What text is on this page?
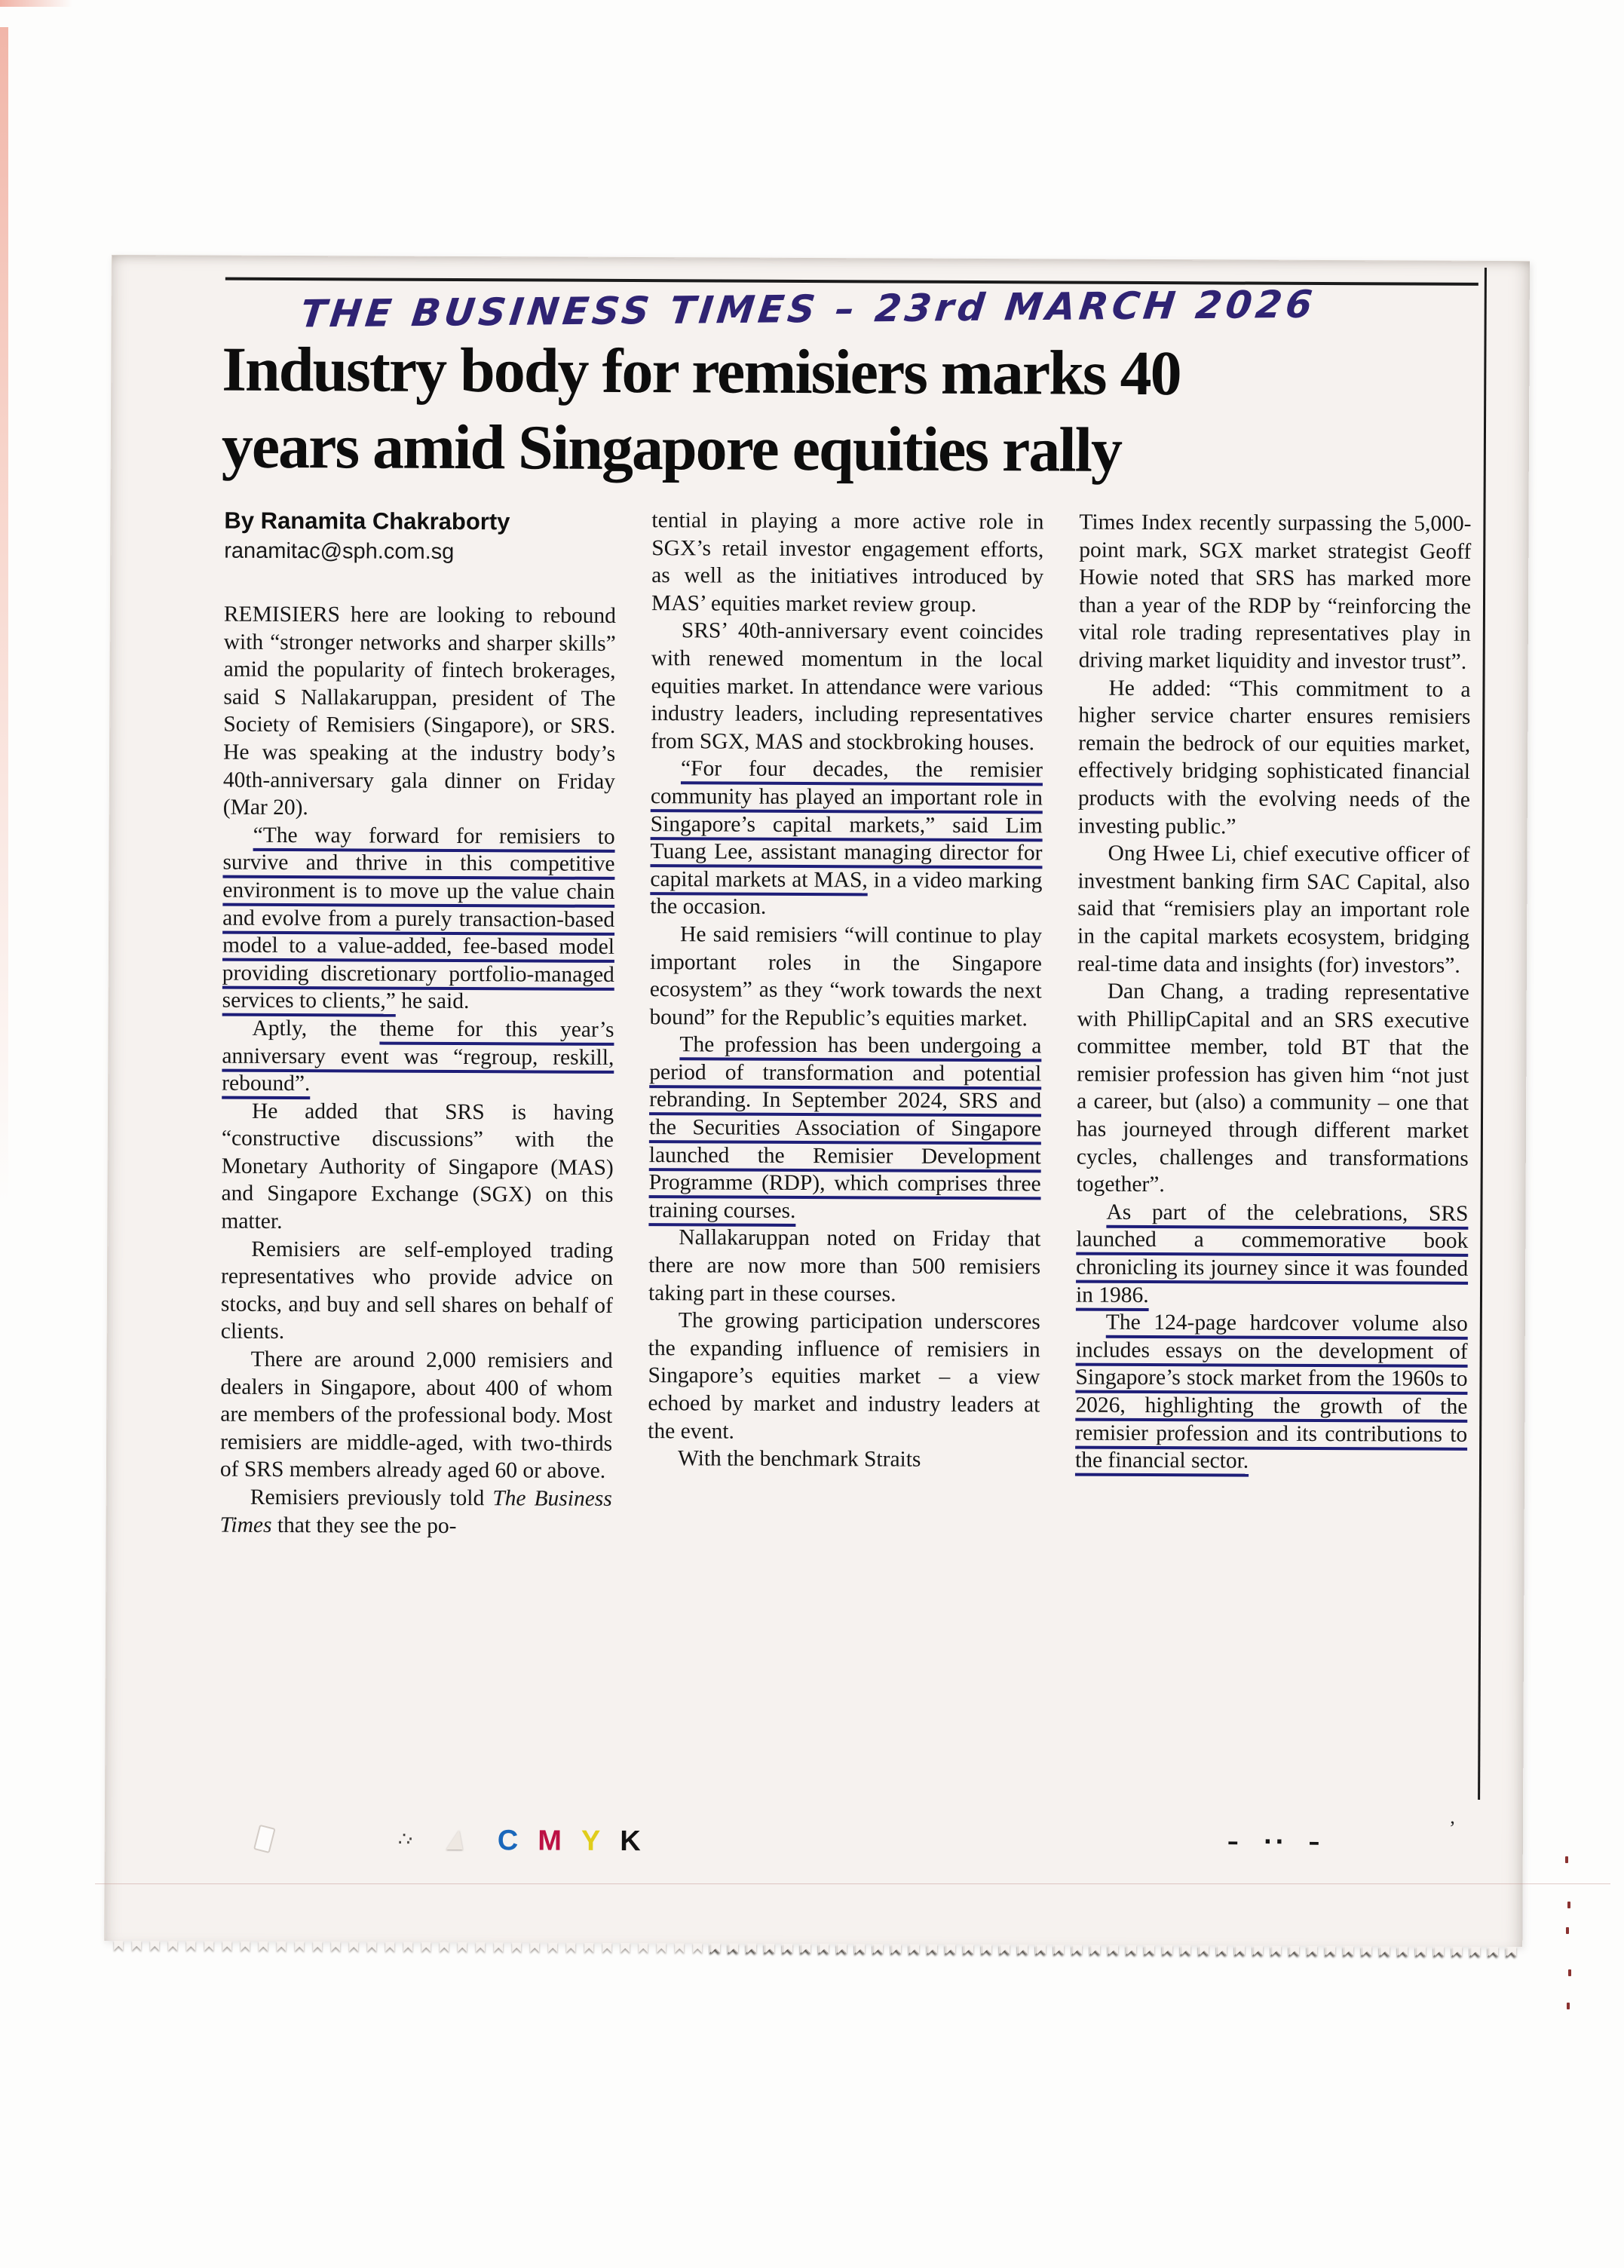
THE BUSINESS TIMES – 23rd MARCH 2026
Industry body for remisiers marks 40
years amid Singapore equities rally
By Ranamita Chakraborty
ranamitac@sph.com.sg

REMISIERS here are looking to rebound with “stronger networks and sharper skills” amid the popularity of fintech brokerages, said S Nallakaruppan, president of The Society of Remisiers (Singapore), or SRS. He was speaking at the industry body’s 40th-anniversary gala dinner on Friday (Mar 20).

“The way forward for remisiers to survive and thrive in this competitive environment is to move up the value chain and evolve from a purely transaction-based model to a value-added, fee-based model providing discretionary portfolio-managed services to clients,” he said.

Aptly, the theme for this year’s anniversary event was “regroup, reskill, rebound”.

He added that SRS is having “constructive discussions” with the Monetary Authority of Singapore (MAS) and Singapore Exchange (SGX) on this matter.

Remisiers are self-employed trading representatives who provide advice on stocks, and buy and sell shares on behalf of clients.

There are around 2,000 remisiers and dealers in Singapore, about 400 of whom are members of the professional body. Most remisiers are middle-aged, with two-thirds of SRS members already aged 60 or above.

Remisiers previously told The Business Times that they see the po-

tential in playing a more active role in SGX’s retail investor engagement efforts, as well as the initiatives introduced by MAS’ equities market review group.

SRS’ 40th-anniversary event coincides with renewed momentum in the local equities market. In attendance were various industry leaders, including representatives from SGX, MAS and stockbroking houses.

“For four decades, the remisier community has played an important role in Singapore’s capital markets,” said Lim Tuang Lee, assistant managing director for capital markets at MAS, in a video marking the occasion.

He said remisiers “will continue to play important roles in the Singapore ecosystem” as they “work towards the next bound” for the Republic’s equities market.

The profession has been undergoing a period of transformation and potential rebranding. In September 2024, SRS and the Securities Association of Singapore launched the Remisier Development Programme (RDP), which comprises three training courses.

Nallakaruppan noted on Friday that there are now more than 500 remisiers taking part in these courses.

The growing participation underscores the expanding influence of remisiers in Singapore’s equities market – a view echoed by market and industry leaders at the event.

With the benchmark Straits

Times Index recently surpassing the 5,000-point mark, SGX market strategist Geoff Howie noted that SRS has marked more than a year of the RDP by “reinforcing the vital role trading representatives play in driving market liquidity and investor trust”.

He added: “This commitment to a higher service charter ensures remisiers remain the bedrock of our equities market, effectively bridging sophisticated financial products with the evolving needs of the investing public.”

Ong Hwee Li, chief executive officer of investment banking firm SAC Capital, also said that “remisiers play an important role in the capital markets ecosystem, bridging real-time data and insights (for) investors”.

Dan Chang, a trading representative with PhillipCapital and an SRS executive committee member, told BT that the remisier profession has given him “not just a career, but (also) a community – one that has journeyed through different market cycles, challenges and transformations together”.

As part of the celebrations, SRS launched a commemorative book chronicling its journey since it was founded in 1986.

The 124-page hardcover volume also includes essays on the development of Singapore’s stock market from the 1960s to 2026, highlighting the growth of the remisier profession and its contributions to the financial sector.

·:
∴·
C M Y K	–  ··  –
’
